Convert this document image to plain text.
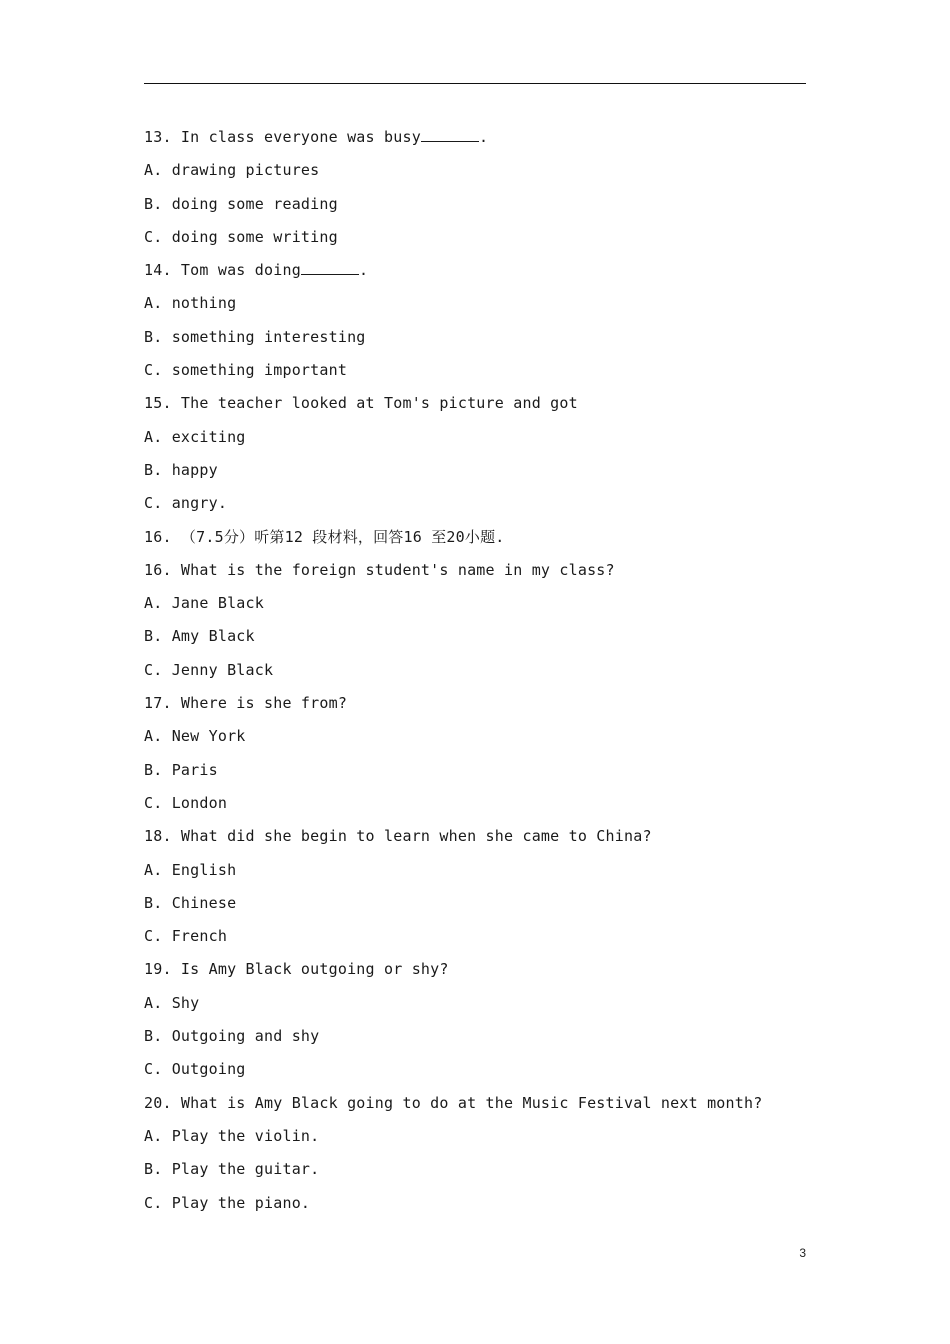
13. In class everyone was busy	.
A. drawing pictures
B. doing some reading
C. doing some writing
14. Tom was doing	.
A. nothing
B. something interesting
C. something important
15. The teacher looked at Tom's picture and got
A. exciting
B. happy
C. angry.
16. （7.5分）听第12 段材料，回答16 至20小题.
16. What is the foreign student's name in my class?
A. Jane Black
B. Amy Black
C. Jenny Black
17. Where is she from?
A. New York
B. Paris
C. London
18. What did she begin to learn when she came to China?
A. English
B. Chinese
C. French
19. Is Amy Black outgoing or shy?
A. Shy
B. Outgoing and shy
C. Outgoing
20. What is Amy Black going to do at the Music Festival next month?
A. Play the violin.
B. Play the guitar.
C. Play the piano.
3
